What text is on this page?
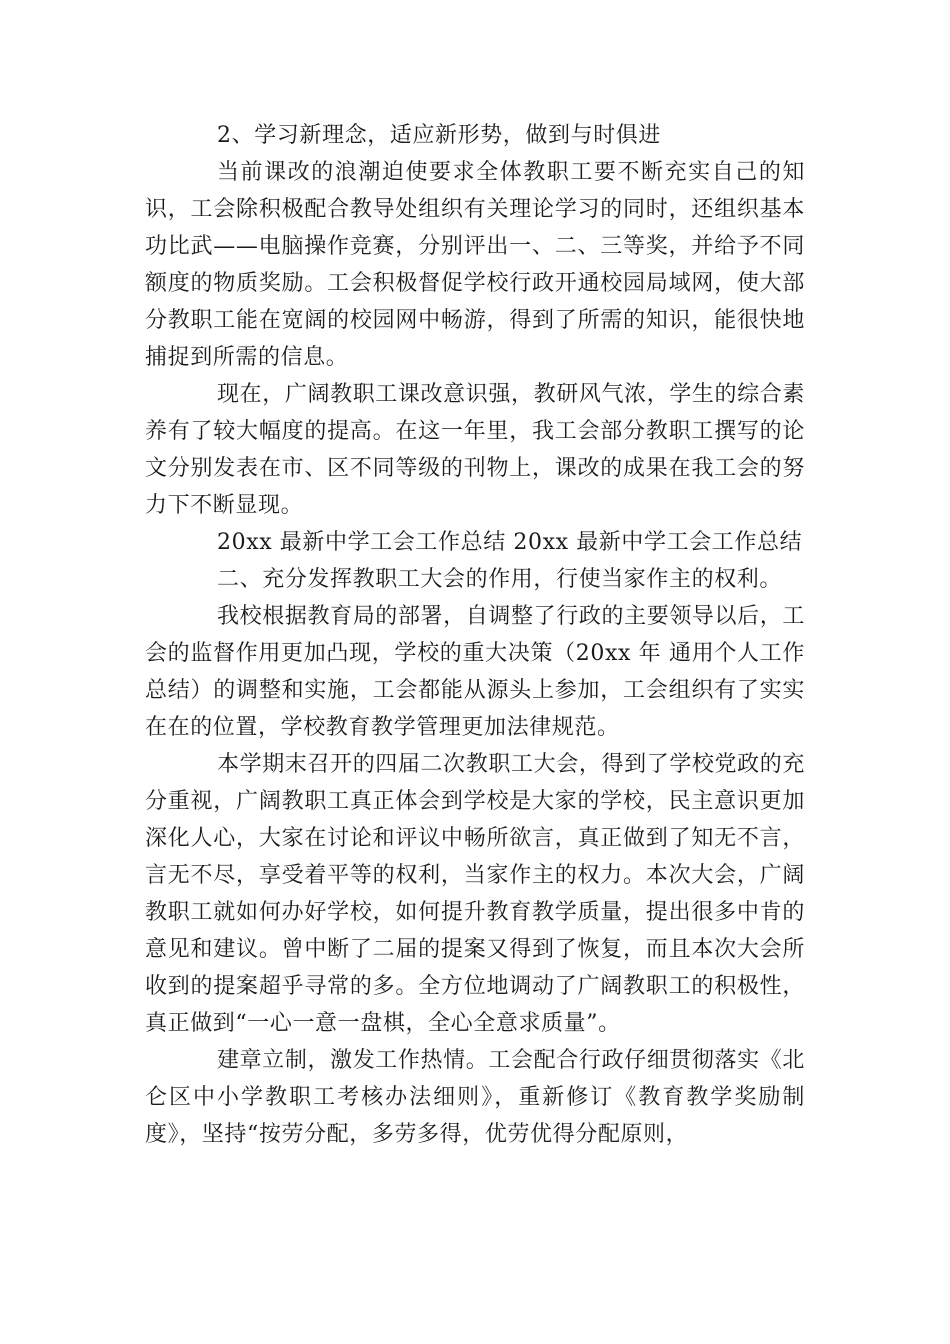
2、学习新理念，适应新形势，做到与时俱进

当前课改的浪潮迫使要求全体教职工要不断充实自己的知识，工会除积极配合教导处组织有关理论学习的同时，还组织基本功比武——电脑操作竞赛，分别评出一、二、三等奖，并给予不同额度的物质奖励。工会积极督促学校行政开通校园局域网，使大部分教职工能在宽阔的校园网中畅游，得到了所需的知识，能很快地捕捉到所需的信息。

现在，广阔教职工课改意识强，教研风气浓，学生的综合素养有了较大幅度的提高。在这一年里，我工会部分教职工撰写的论文分别发表在市、区不同等级的刊物上，课改的成果在我工会的努力下不断显现。

20xx 最新中学工会工作总结 20xx 最新中学工会工作总结

二、充分发挥教职工大会的作用，行使当家作主的权利。

我校根据教育局的部署，自调整了行政的主要领导以后，工会的监督作用更加凸现，学校的重大决策（20xx 年 通用个人工作总结）的调整和实施，工会都能从源头上参加，工会组织有了实实在在的位置，学校教育教学管理更加法律规范。

本学期末召开的四届二次教职工大会，得到了学校党政的充分重视，广阔教职工真正体会到学校是大家的学校，民主意识更加深化人心，大家在讨论和评议中畅所欲言，真正做到了知无不言，言无不尽，享受着平等的权利，当家作主的权力。本次大会，广阔教职工就如何办好学校，如何提升教育教学质量，提出很多中肯的意见和建议。曾中断了二届的提案又得到了恢复，而且本次大会所收到的提案超乎寻常的多。全方位地调动了广阔教职工的积极性，真正做到“一心一意一盘棋，全心全意求质量”。

建章立制，激发工作热情。工会配合行政仔细贯彻落实《北仑区中小学教职工考核办法细则》，重新修订《教育教学奖励制度》，坚持“按劳分配，多劳多得，优劳优得分配原则，
